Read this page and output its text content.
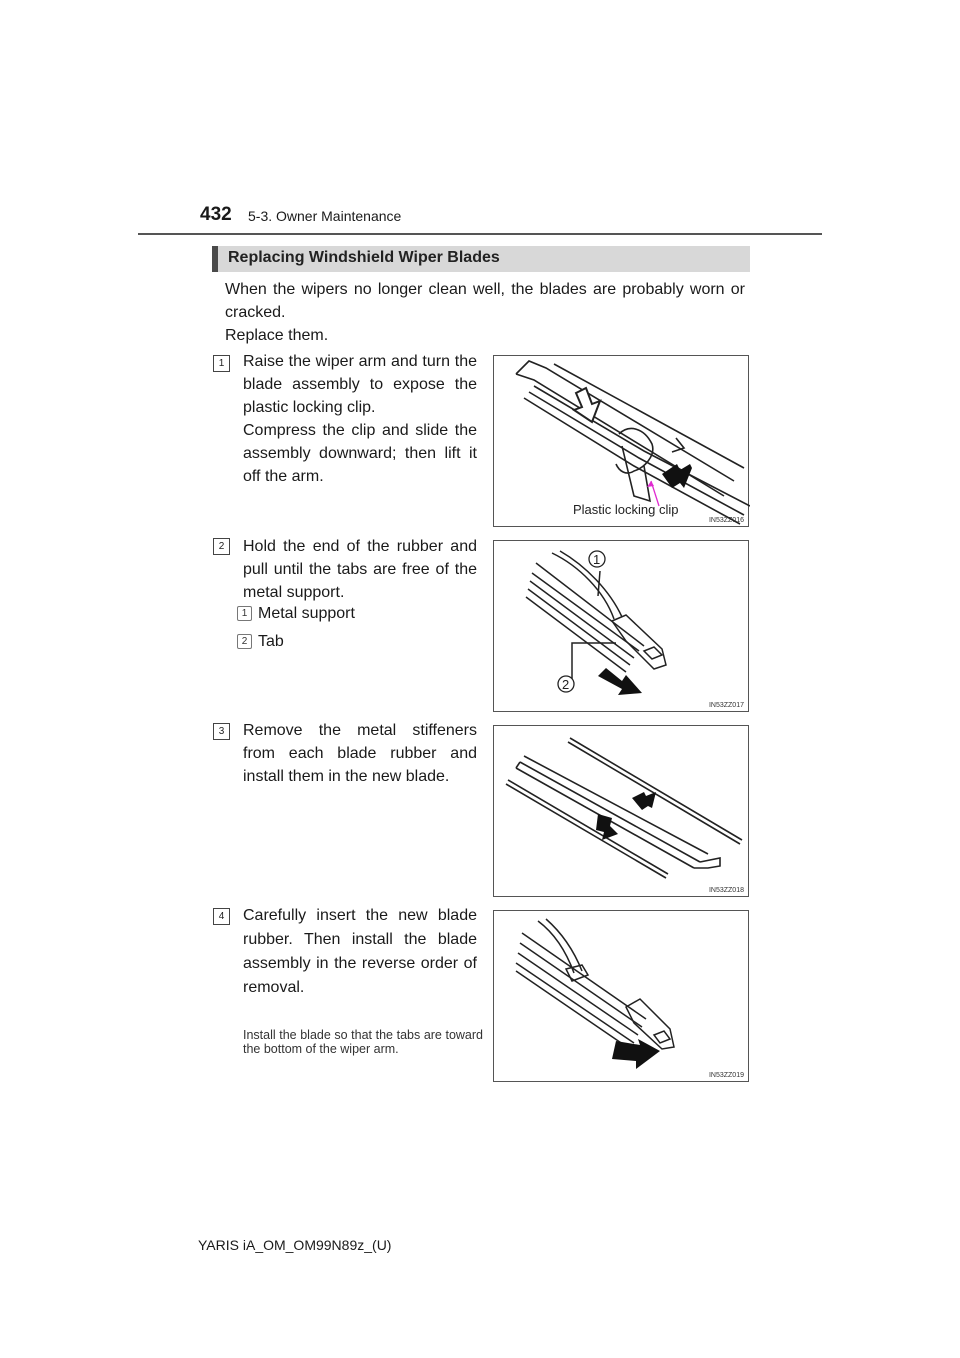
432 5-3. Owner Maintenance
Replacing Windshield Wiper Blades

When the wipers no longer clean well, the blades are probably worn or cracked.

Replace them.

1	Raise the wiper arm and turn the blade assembly to expose the plastic locking clip.

Compress the clip and slide the assembly downward; then lift it off the arm.

Plastic locking clip
IN53ZZ016
2	Hold the end of the rubber and pull until the tabs are free of the metal support.
1 Metal support
2 Tab
1
2
IN53ZZ017
3	Remove the metal stiffeners from each blade rubber and install them in the new blade.
IN53ZZ018
4	Carefully insert the new blade rubber. Then install the blade assembly in the reverse order of removal.
Install the blade so that the tabs are toward the bottom of the wiper arm.
IN53ZZ019
YARIS iA_OM_OM99N89z_(U)
